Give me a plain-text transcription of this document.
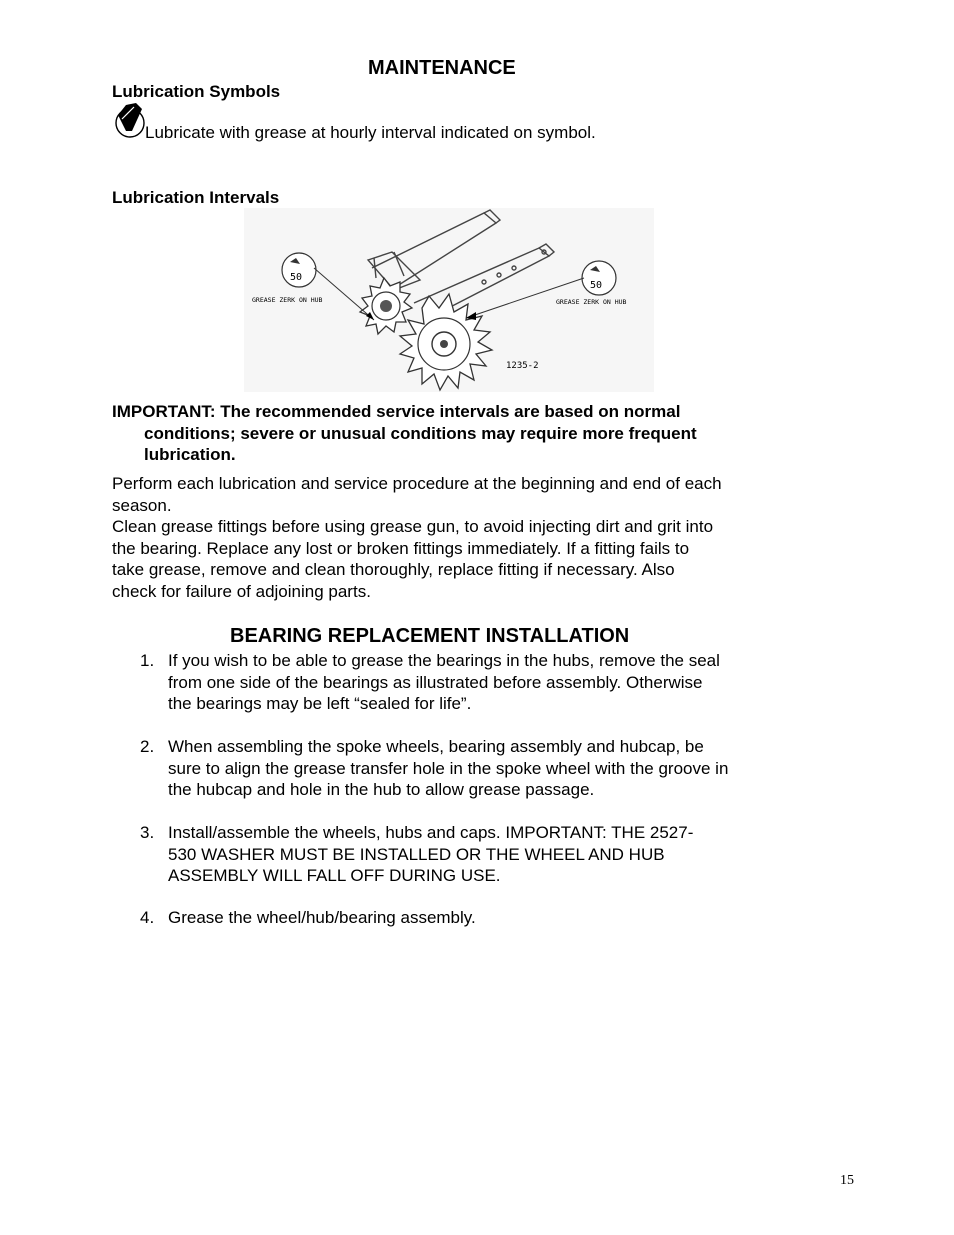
MAINTENANCE
Lubrication Symbols
Lubricate with grease at hourly interval indicated on symbol.
Lubrication Intervals
50
GREASE ZERK ON HUB
50
GREASE ZERK ON HUB
1235-2
IMPORTANT: The recommended service intervals are based on normal
conditions; severe or unusual conditions may require more frequent
lubrication.
Perform each lubrication and service procedure at the beginning and end of each
season.
Clean grease fittings before using grease gun, to avoid injecting dirt and grit into
the bearing. Replace any lost or broken fittings immediately. If a fitting fails to
take grease, remove and clean thoroughly, replace fitting if necessary. Also
check for failure of adjoining parts.
BEARING REPLACEMENT INSTALLATION
1. If you wish to be able to grease the bearings in the hubs, remove the seal
from one side of the bearings as illustrated before assembly. Otherwise
the bearings may be left “sealed for life”.
2. When assembling the spoke wheels, bearing assembly and hubcap, be
sure to align the grease transfer hole in the spoke wheel with the groove in
the hubcap and hole in the hub to allow grease passage.
3. Install/assemble the wheels, hubs and caps. IMPORTANT: THE 2527-
530 WASHER MUST BE INSTALLED OR THE WHEEL AND HUB
ASSEMBLY WILL FALL OFF DURING USE.
4. Grease the wheel/hub/bearing assembly.
15
